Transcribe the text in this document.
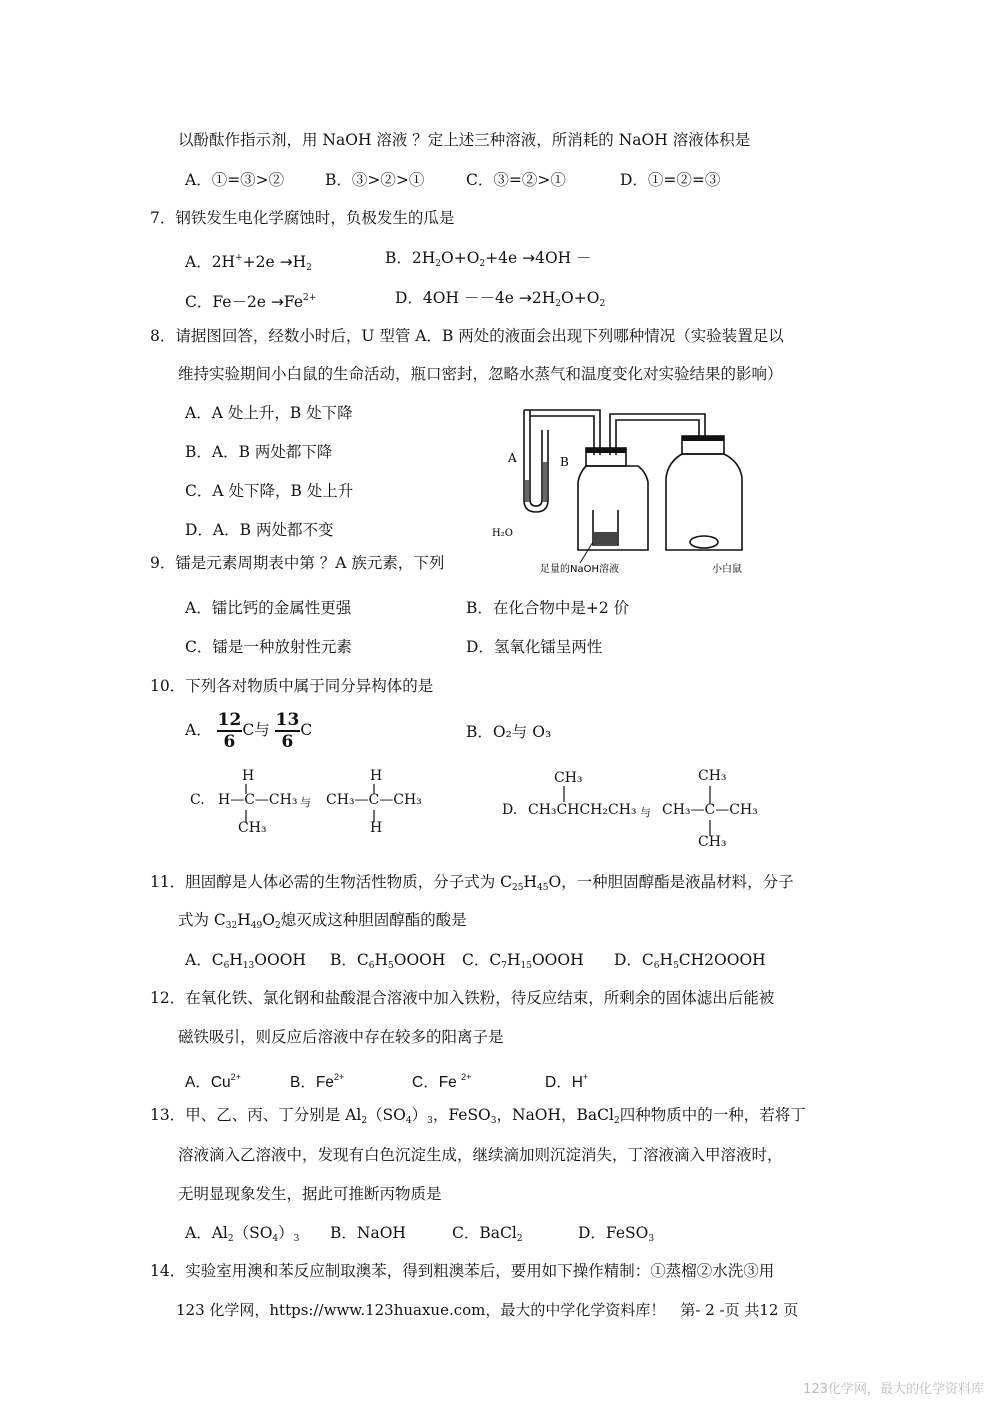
以酚酞作指示剂，用 NaOH 溶液 ？定上述三种溶液，所消耗的 NaOH 溶液体积是
A．①=③>②	B．③>②>①	C．③=②>①	D．①=②=③
7．钢铁发生电化学腐蚀时，负极发生的瓜是
A．$2H^++2e \to H_2$
B．$2H_2O+O_2+4e \to 4OH$ －
C．$Fe-2e \to Fe^{2+}$	D．$4OH --4e \to 2H_2O+O_2$
8．请据图回答，经数小时后，U 型管 A．B 两处的液面会出现下列哪种情况（实验装置足以
维持实验期间小白鼠的生命活动，瓶口密封，忽略水蒸气和温度变化对实验结果的影响）
A．A 处上升，B 处下降
B．A．B 两处都下降
C．A 处下降，B 处上升
D．A．B 两处都不变
A	B
H₂O
足量的NaOH溶液	小白鼠
9．镭是元素周期表中第 ？A 族元素，下列
A．镭比钙的金属性更强	B．在化合物中是+2 价
C．镭是一种放射性元素	D．氢氧化镭呈两性
10．下列各对物质中属于同分异构体的是
A． $\frac{12}{6}$ C与 $\frac{13}{6}$ C	B．O₂与 O₃
C.
H
H—C—CH₃
CH₃
与
H
CH₃—C—CH₃
H
D.
CH₃
CH₃CHCH₂CH₃ 与
CH₃
CH₃—C—CH₃
CH₃
11．胆固醇是人体必需的生物活性物质，分子式为 $C_{25}H_{45}O$，一种胆固醇酯是液晶材料，分子
式为 $C_{32}H_{49}O_2$熄灭成这种胆固醇酯的酸是
A．$C_6H_{13}OOOH$ B．$C_6H_5OOOH$ C．$C_7H_{15}OOOH$ D．$C_6H_5CH2OOOH$
12．在氧化铁、氯化钢和盐酸混合溶液中加入铁粉，待反应结束，所剩余的固体滤出后能被
磁铁吸引，则反应后溶液中存在较多的阳离子是
A．$Cu^{2+}$	B．$Fe^{2+}$	C．Fe $^{2+}$	D．H+
13．甲、乙、丙、丁分别是 $Al_2(SO_4)_3$，FeSO$_3$，NaOH，BaCl$_2$四种物质中的一种，若将丁
溶液滴入乙溶液中，发现有白色沉淀生成，继续滴加则沉淀消失，丁溶液滴入甲溶液时，
无明显现象发生，据此可推断丙物质是
A．$Al_2(SO_4)_3$ B．NaOH	C．BaCl$_2$	D．FeSO$_3$
14．实验室用澳和苯反应制取澳苯，得到粗澳苯后，要用如下操作精制：①蒸榴②水洗③用
123 化学网，https://www.123huaxue.com，最大的中学化学资料库！　第- 2 -页 共12 页
123化学网，最大的化学资料库
